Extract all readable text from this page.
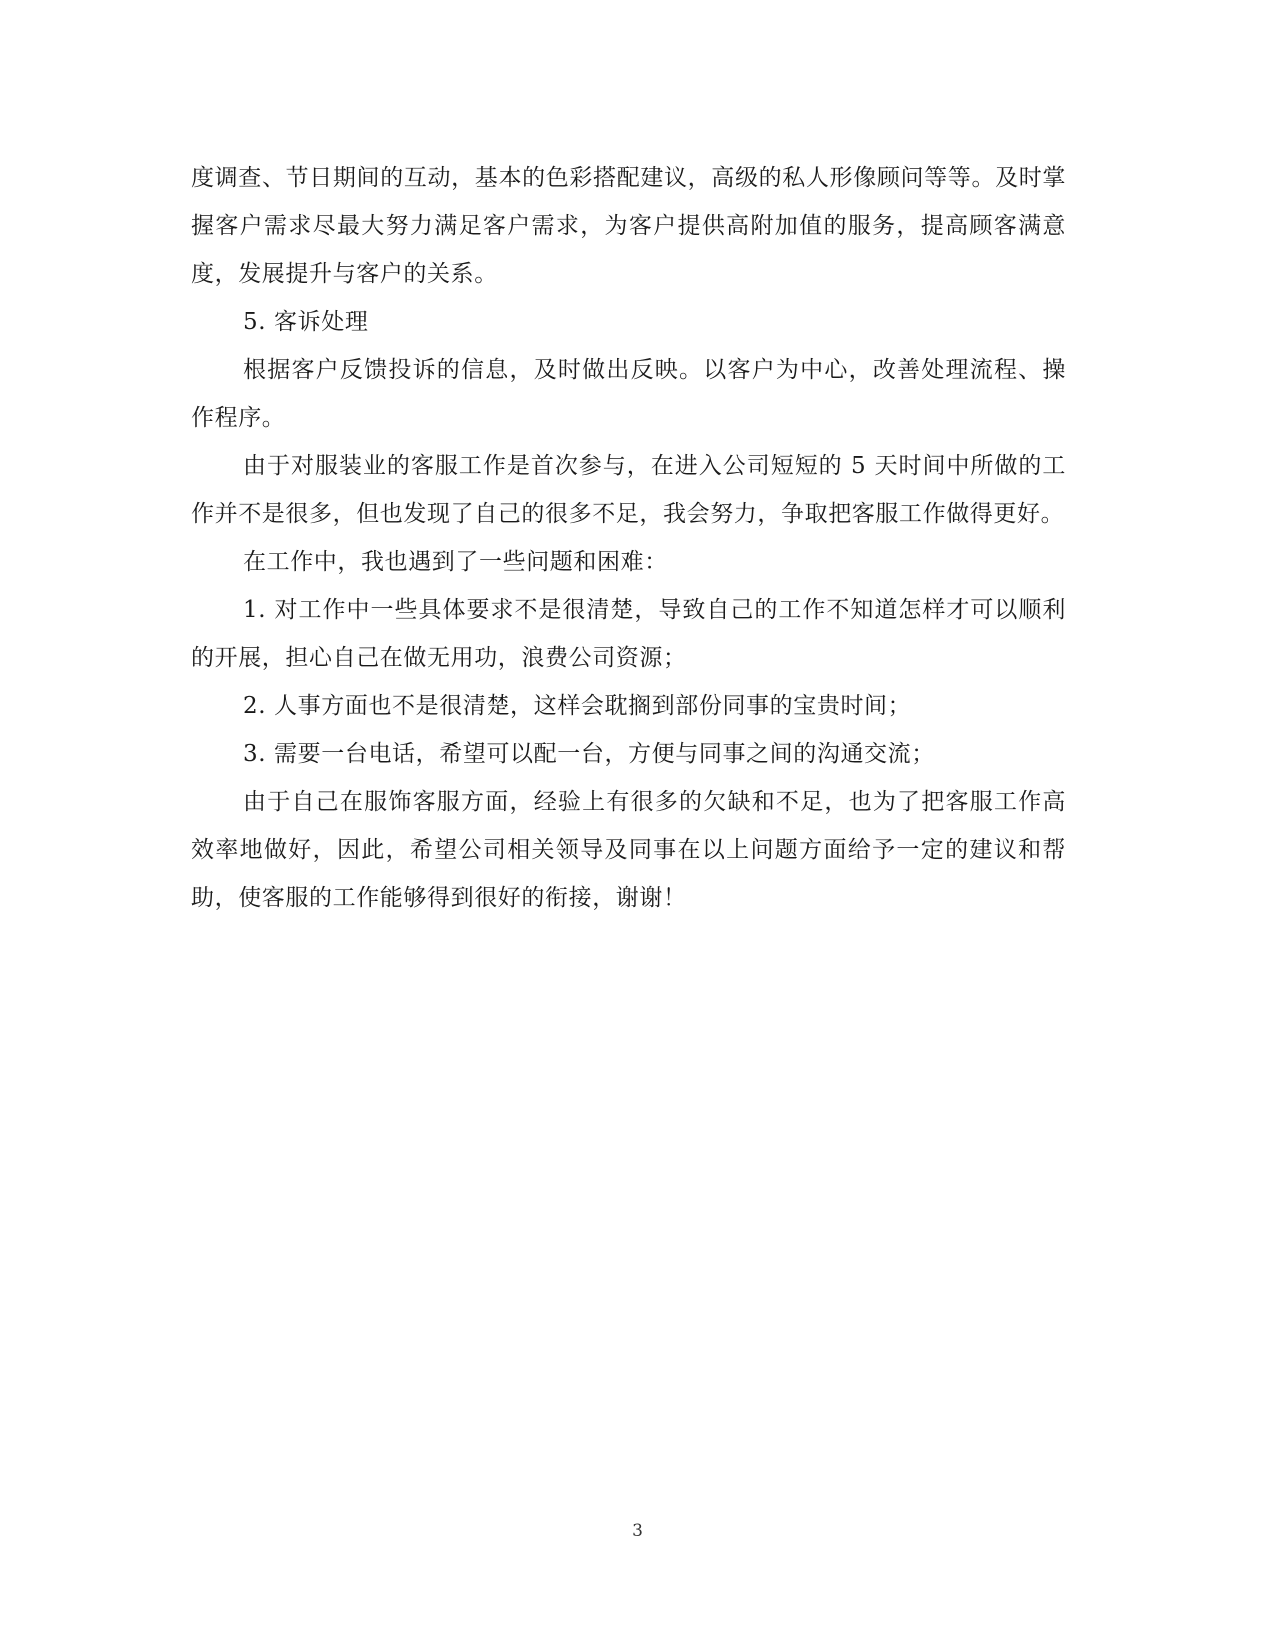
度调查、节日期间的互动，基本的色彩搭配建议，高级的私人形像顾问等等。及时掌握客户需求尽最大努力满足客户需求，为客户提供高附加值的服务，提高顾客满意度，发展提升与客户的关系。

5. 客诉处理

根据客户反馈投诉的信息，及时做出反映。以客户为中心，改善处理流程、操作程序。

由于对服装业的客服工作是首次参与，在进入公司短短的 5 天时间中所做的工作并不是很多，但也发现了自己的很多不足，我会努力，争取把客服工作做得更好。

在工作中，我也遇到了一些问题和困难：

1. 对工作中一些具体要求不是很清楚，导致自己的工作不知道怎样才可以顺利的开展，担心自己在做无用功，浪费公司资源；

2. 人事方面也不是很清楚，这样会耽搁到部份同事的宝贵时间；

3. 需要一台电话，希望可以配一台，方便与同事之间的沟通交流；

由于自己在服饰客服方面，经验上有很多的欠缺和不足，也为了把客服工作高效率地做好，因此，希望公司相关领导及同事在以上问题方面给予一定的建议和帮助，使客服的工作能够得到很好的衔接，谢谢！

3
